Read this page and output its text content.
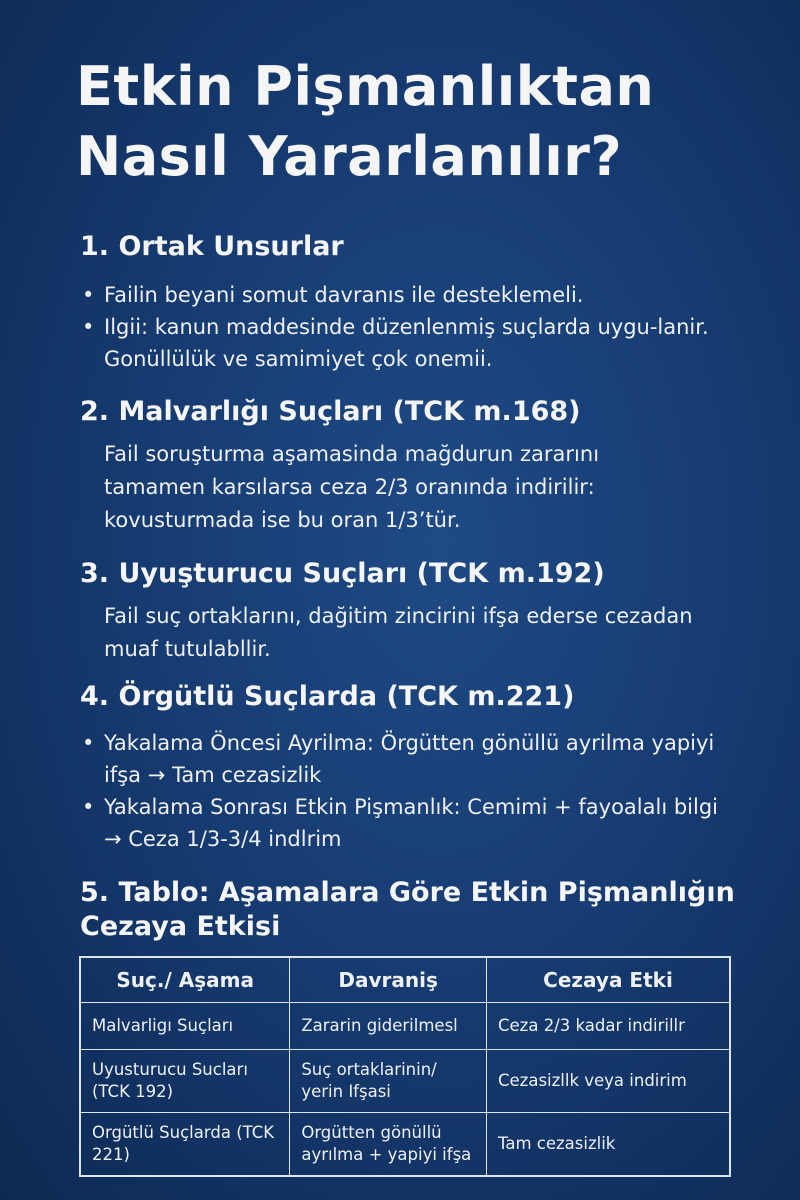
Etkin Pişmanlıktan
Nasıl Yararlanılır?
1. Ortak Unsurlar
• Failin beyani somut davranıs ile desteklemeli.
• Ilgii: kanun maddesinde düzenlenmiş suçlarda uygu-lanir. Gonüllülük ve samimiyet çok onemii.
2. Malvarlığı Suçları (TCK m.168)

Fail soruşturma aşamasinda mağdurun zararını tamamen karsılarsa ceza 2/3 oranında indirilir: kovusturmada ise bu oran 1/3’tür.

3. Uyuşturucu Suçları (TCK m.192)

Fail suç ortaklarını, dağitim zincirini ifşa ederse cezadan muaf tutulabllir.

4. Örgütlü Suçlarda (TCK m.221)
• Yakalama Öncesi Ayrilma: Örgütten gönüllü ayrilma yapiyi ifşa → Tam cezasizlik
• Yakalama Sonrası Etkin Pişmanlık: Cemimi + fayoalalı bilgi → Ceza 1/3-3/4 indlrim
5. Tablo: Aşamalara Göre Etkin Pişmanlığın Cezaya Etkisi
Suç./ Aşama	Davraniş	Cezaya Etki
Malvarligı Suçları	Zararin giderilmesl	Ceza 2/3 kadar indirillr
Uyusturucu Sucları (TCK 192)	Suç ortaklarinin/ yerin Ifşasi	Cezasizllk veya indirim
Orgütlü Suçlarda (TCK 221)	Orgütten gönüllü ayrılma + yapiyi ifşa	Tam cezasizlik
